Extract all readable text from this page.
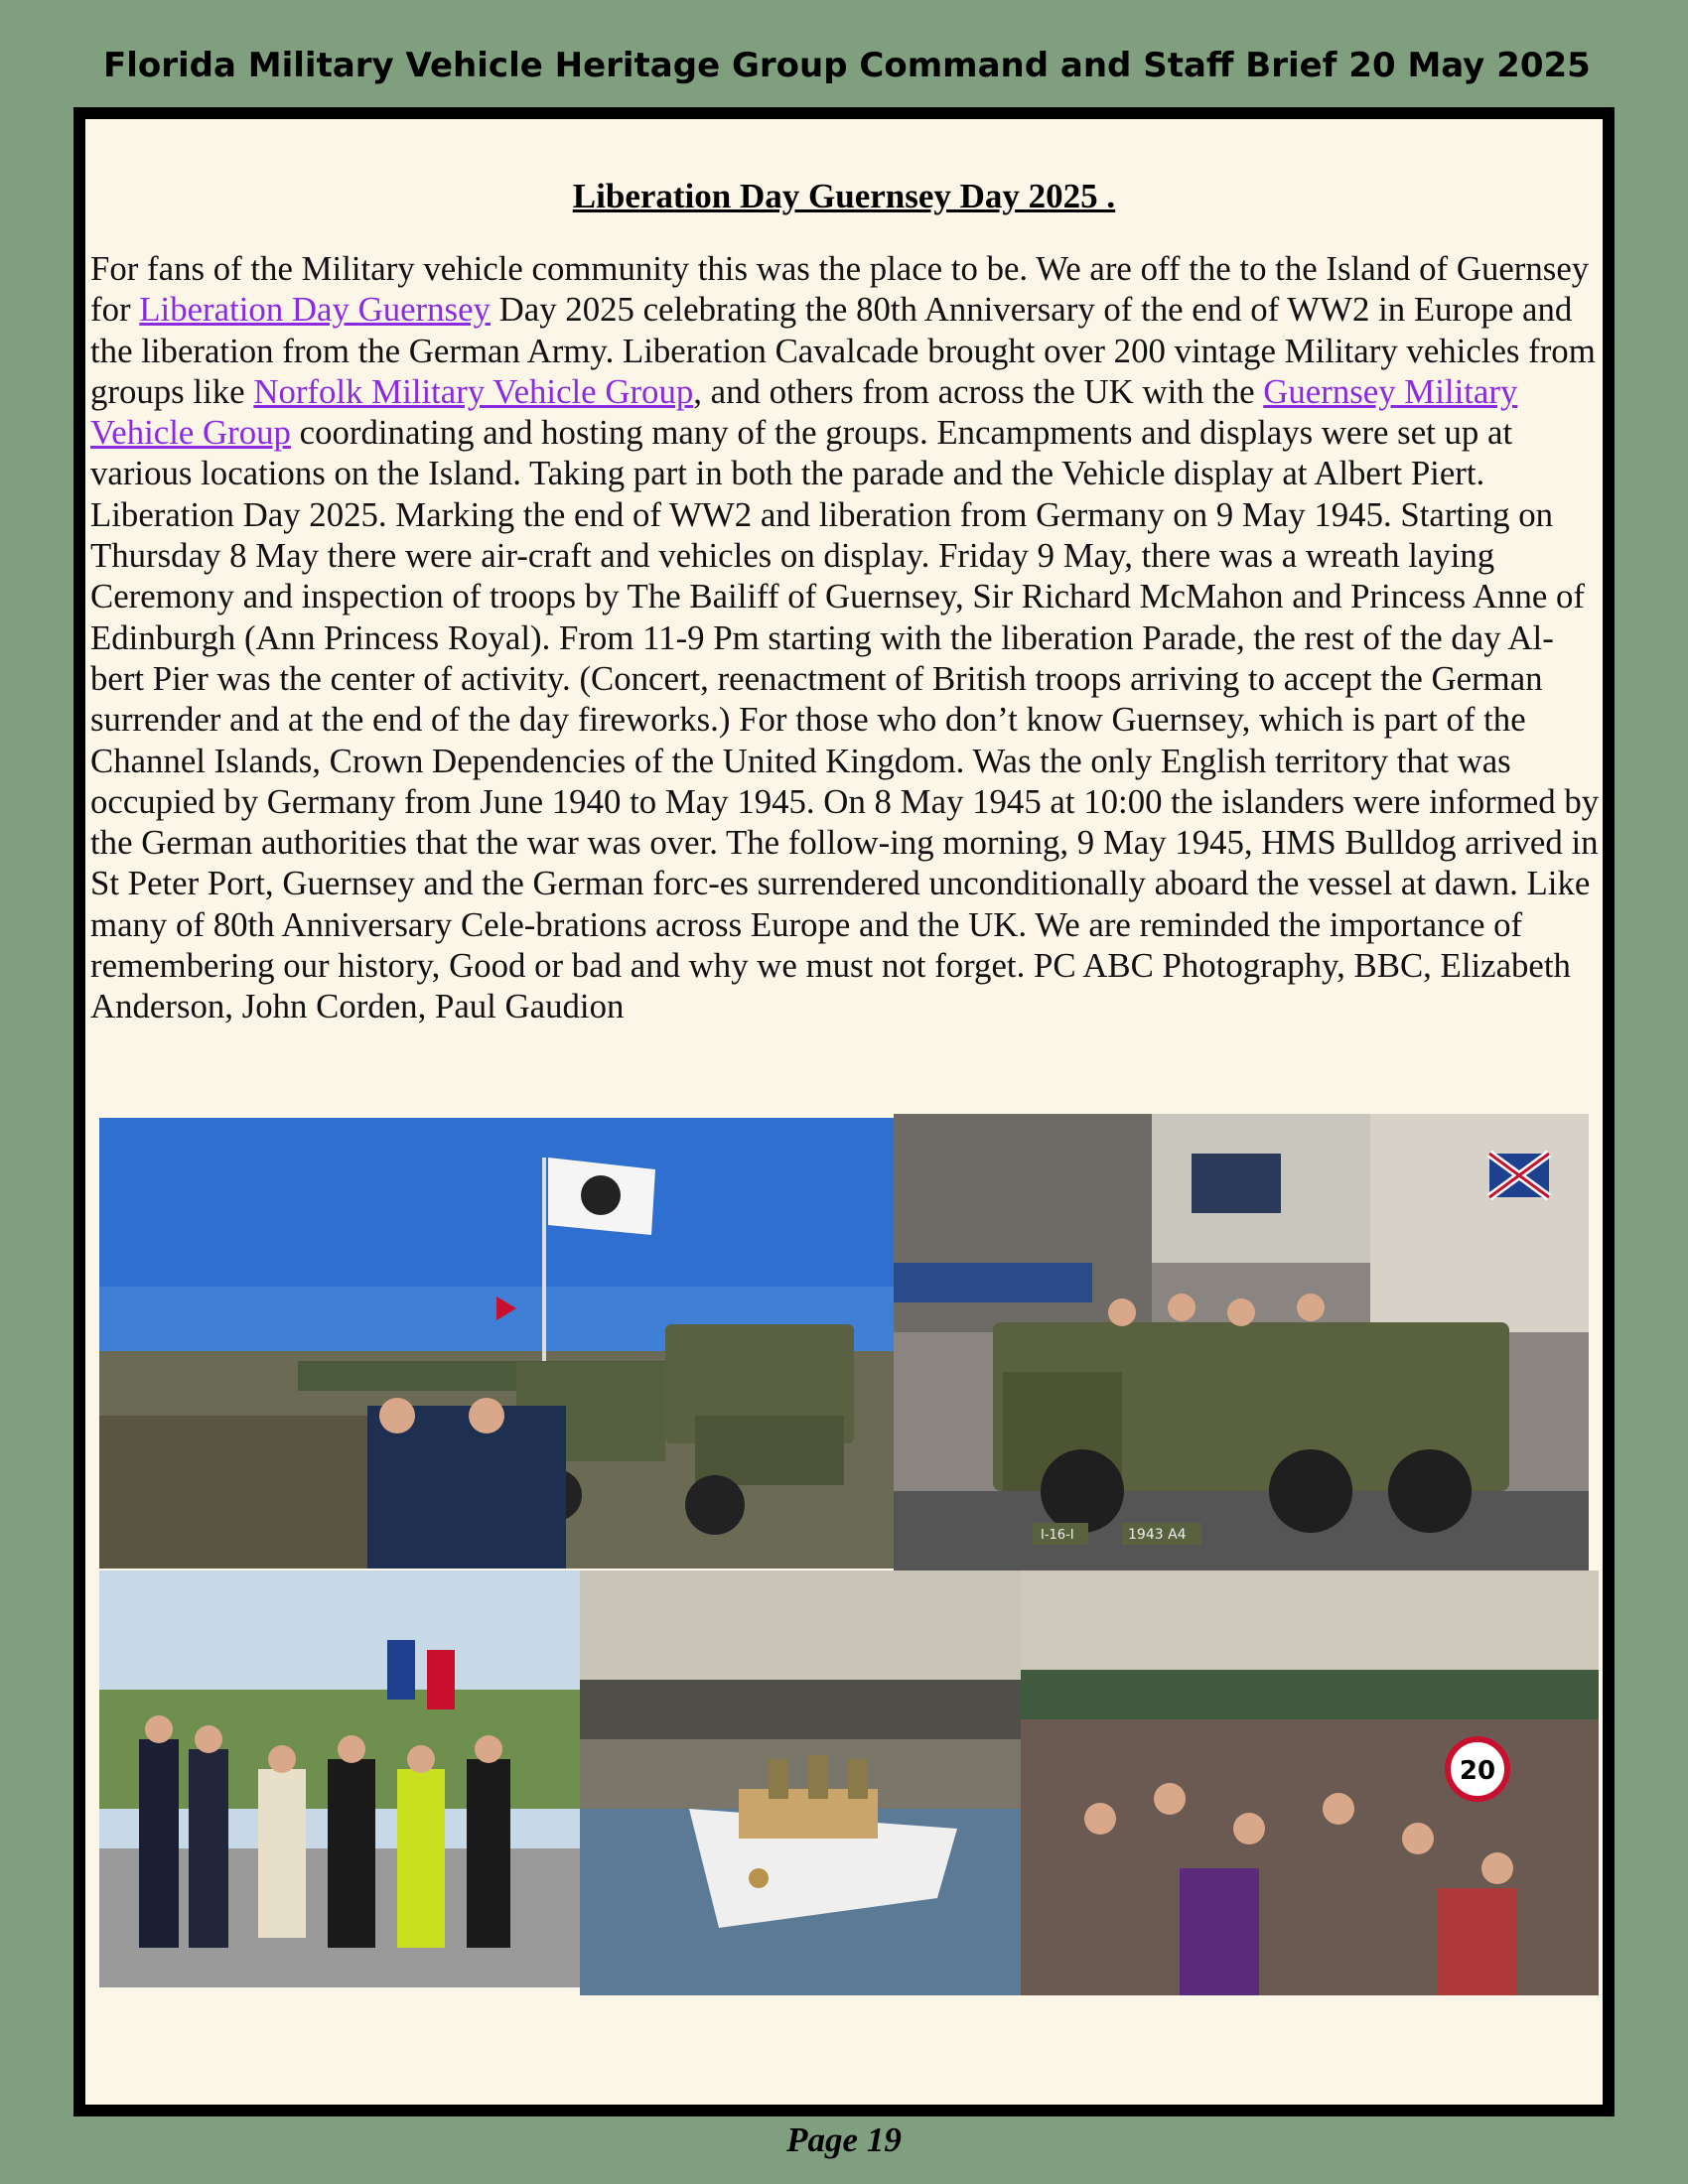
Florida Military Vehicle Heritage Group Command and Staff Brief 20 May 2025
Liberation Day Guernsey Day 2025 .
For fans of the Military vehicle community this was the place to be. We are off the to the Island of Guernsey for Liberation Day Guernsey Day 2025 celebrating the 80th Anniversary of the end of WW2 in Europe and the liberation from the German Army. Liberation Cavalcade brought over 200 vintage Military vehicles from groups like Norfolk Military Vehicle Group, and others from across the UK with the Guernsey Military Vehicle Group coordinating and hosting many of the groups. Encampments and displays were set up at various locations on the Island. Taking part in both the parade and the Vehicle display at Albert Piert. Liberation Day 2025. Marking the end of WW2 and liberation from Germany on 9 May 1945. Starting on Thursday 8 May there were air-craft and vehicles on display. Friday 9 May, there was a wreath laying Ceremony and inspection of troops by The Bailiff of Guernsey, Sir Richard McMahon and Princess Anne of Edinburgh (Ann Princess Royal). From 11-9 Pm starting with the liberation Parade, the rest of the day Al-bert Pier was the center of activity. (Concert, reenactment of British troops arriving to accept the German surrender and at the end of the day fireworks.) For those who don’t know Guernsey, which is part of the Channel Islands, Crown Dependencies of the United Kingdom. Was the only English territory that was occupied by Germany from June 1940 to May 1945. On 8 May 1945 at 10:00 the islanders were informed by the German authorities that the war was over. The follow-ing morning, 9 May 1945, HMS Bulldog arrived in St Peter Port, Guernsey and the German forc-es surrendered unconditionally aboard the vessel at dawn. Like many of 80th Anniversary Cele-brations across Europe and the UK. We are reminded the importance of remembering our history, Good or bad and why we must not forget. PC ABC Photography, BBC, Elizabeth Anderson, John Corden, Paul Gaudion
I-16-I	1943 A4
20
Page 19
